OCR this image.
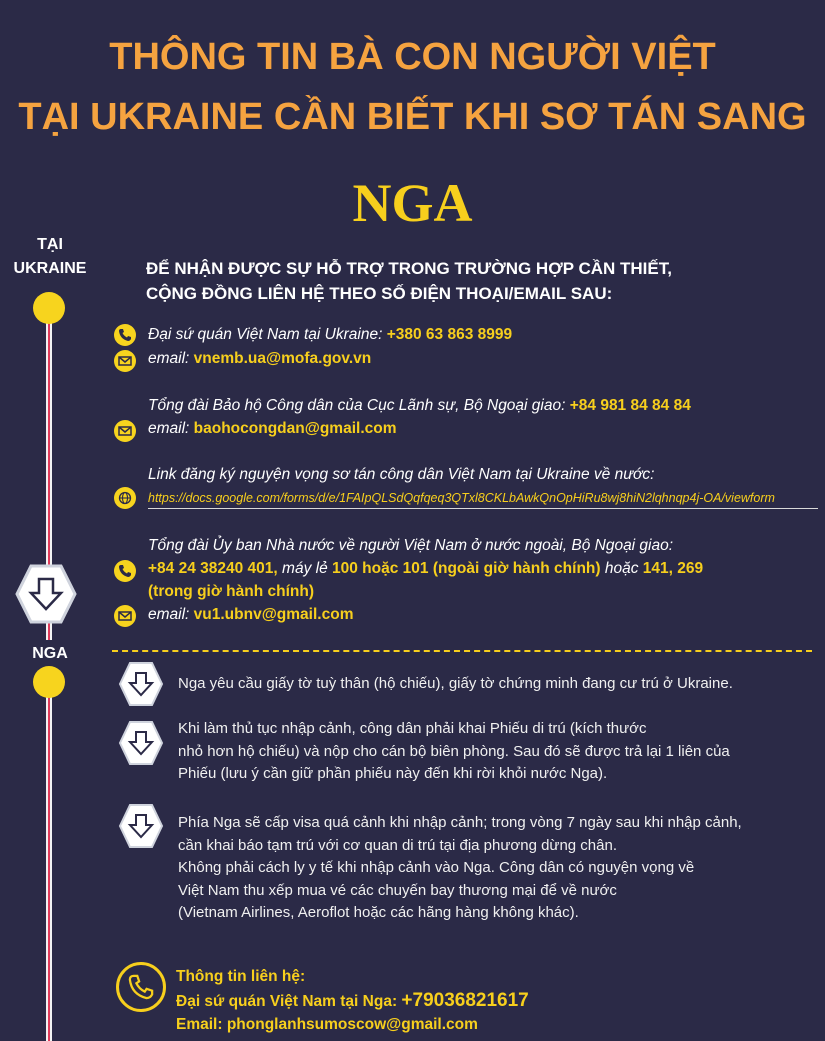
THÔNG TIN BÀ CON NGƯỜI VIỆT
TẠI UKRAINE CẦN BIẾT KHI SƠ TÁN SANG
NGA
TẠI
UKRAINE
NGA
ĐỂ NHẬN ĐƯỢC SỰ HỖ TRỢ TRONG TRƯỜNG HỢP CẦN THIẾT,
CỘNG ĐỒNG LIÊN HỆ THEO SỐ ĐIỆN THOẠI/EMAIL SAU:
Đại sứ quán Việt Nam tại Ukraine: +380 63 863 8999
email: vnemb.ua@mofa.gov.vn
Tổng đài Bảo hộ Công dân của Cục Lãnh sự, Bộ Ngoại giao: +84 981 84 84 84
email: baohocongdan@gmail.com
Link đăng ký nguyện vọng sơ tán công dân Việt Nam tại Ukraine về nước:
https://docs.google.com/forms/d/e/1FAIpQLSdQqfqeq3QTxl8CKLbAwkQnOpHiRu8wj8hiN2lqhnqp4j-OA/viewform
Tổng đài Ủy ban Nhà nước về người Việt Nam ở nước ngoài, Bộ Ngoại giao:
+84 24 38240 401, máy lẻ 100 hoặc 101 (ngoài giờ hành chính) hoặc 141, 269
(trong giờ hành chính)
email: vu1.ubnv@gmail.com
Nga yêu cầu giấy tờ tuỳ thân (hộ chiếu), giấy tờ chứng minh đang cư trú ở Ukraine.
Khi làm thủ tục nhập cảnh, công dân phải khai Phiếu di trú (kích thước
nhỏ hơn hộ chiếu) và nộp cho cán bộ biên phòng. Sau đó sẽ được trả lại 1 liên của
Phiếu (lưu ý cần giữ phần phiếu này đến khi rời khỏi nước Nga).
Phía Nga sẽ cấp visa quá cảnh khi nhập cảnh; trong vòng 7 ngày sau khi nhập cảnh,
cần khai báo tạm trú với cơ quan di trú tại địa phương dừng chân.
Không phải cách ly y tế khi nhập cảnh vào Nga. Công dân có nguyện vọng về
Việt Nam thu xếp mua vé các chuyến bay thương mại để về nước
(Vietnam Airlines, Aeroflot hoặc các hãng hàng không khác).
Thông tin liên hệ:
Đại sứ quán Việt Nam tại Nga: +79036821617
Email: phonglanhsumoscow@gmail.com
